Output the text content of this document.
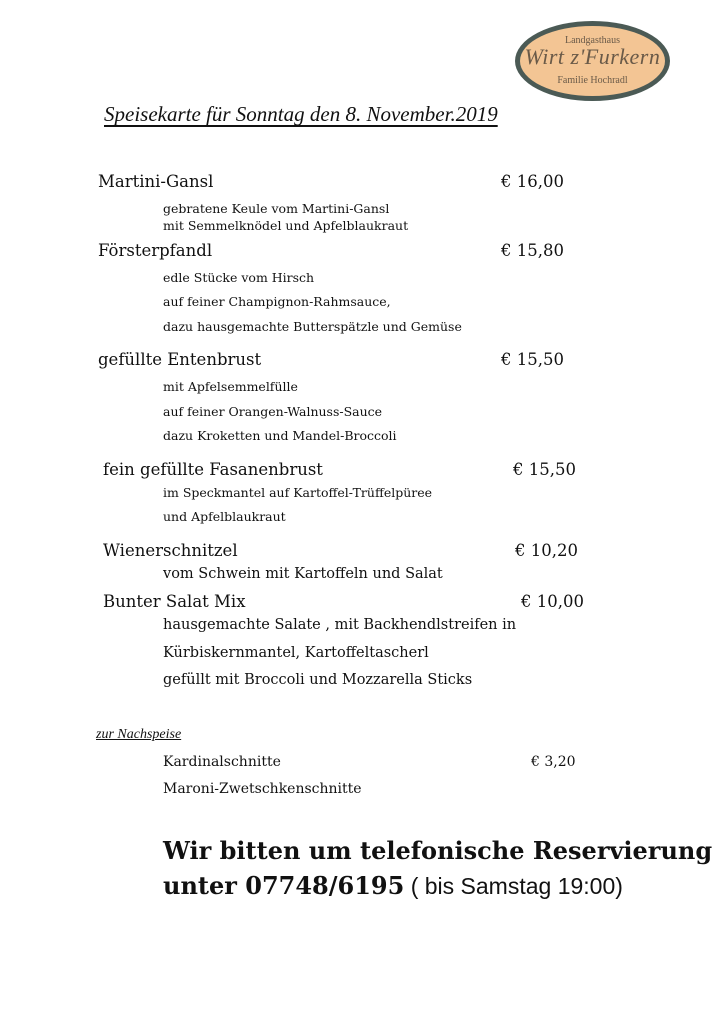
Landgasthaus
Wirt z'Furkern
Familie Hochradl
Speisekarte für Sonntag den 8. November.2019
Martini-Gansl	€ 16,00
gebratene Keule vom Martini-Gansl
mit Semmelknödel und Apfelblaukraut
Försterpfandl	€ 15,80
edle Stücke vom Hirsch
auf feiner Champignon-Rahmsauce,
dazu hausgemachte Butterspätzle und Gemüse
gefüllte Entenbrust	€ 15,50
mit Apfelsemmelfülle
auf feiner Orangen-Walnuss-Sauce
dazu Kroketten und Mandel-Broccoli
fein gefüllte Fasanenbrust	€ 15,50
im Speckmantel auf Kartoffel-Trüffelpüree
und Apfelblaukraut
Wienerschnitzel	€ 10,20
vom Schwein mit Kartoffeln und Salat
Bunter Salat Mix	€ 10,00
hausgemachte Salate , mit Backhendlstreifen in
Kürbiskernmantel, Kartoffeltascherl
gefüllt mit Broccoli und Mozzarella Sticks
zur Nachspeise
Kardinalschnitte	€ 3,20
Maroni-Zwetschkenschnitte
Wir bitten um telefonische Reservierung
unter 07748/6195 ( bis Samstag 19:00)
